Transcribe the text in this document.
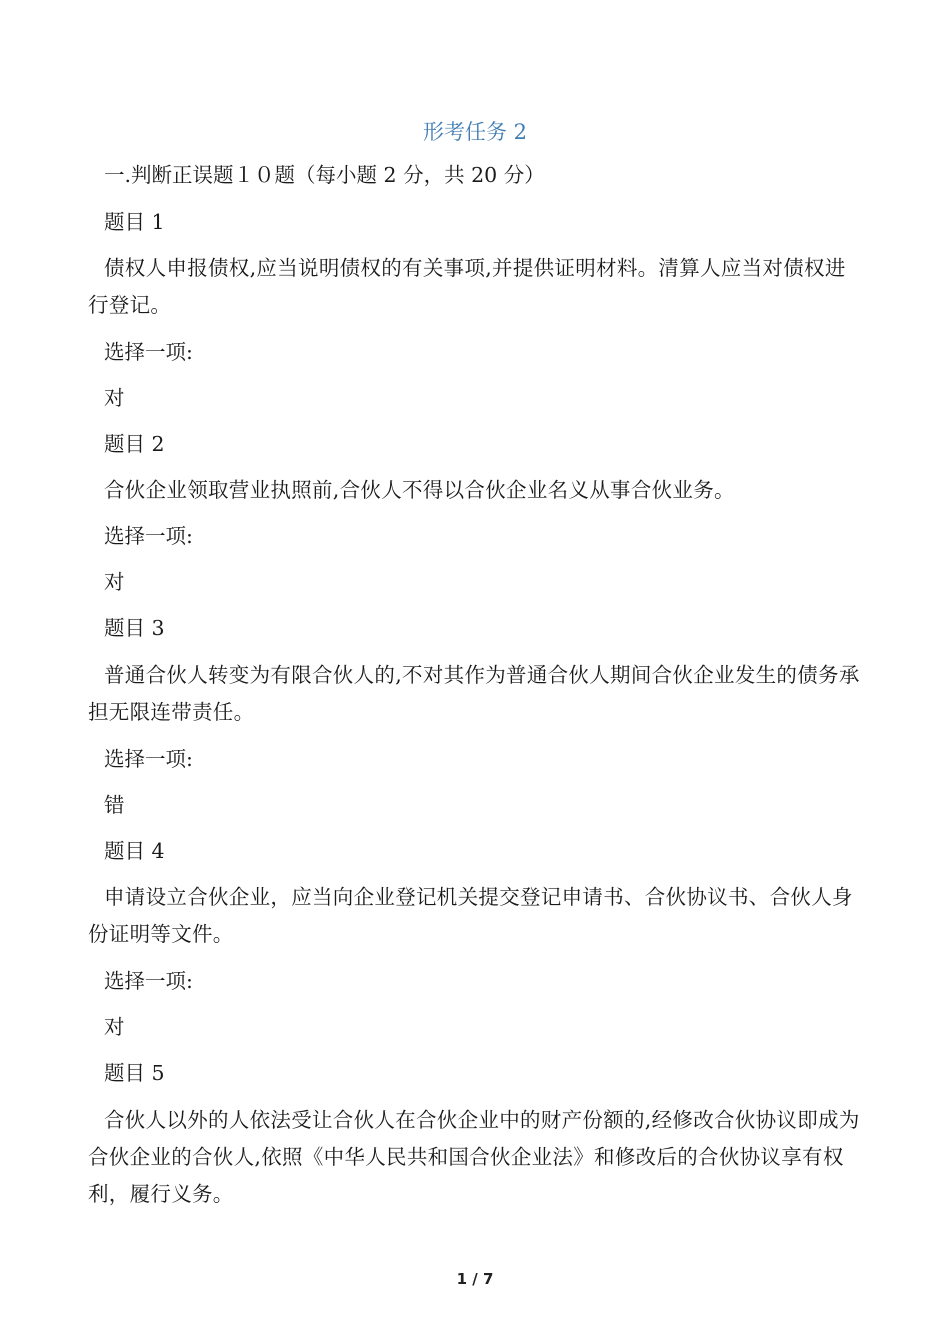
形考任务 2
一.判断正误题１０题（每小题 2 分，共 20 分）
题目 1
债权人申报债权,应当说明债权的有关事项,并提供证明材料。清算人应当对债权进行登记。
选择一项:
对
题目 2
合伙企业领取营业执照前,合伙人不得以合伙企业名义从事合伙业务。
选择一项:
对
题目 3
普通合伙人转变为有限合伙人的,不对其作为普通合伙人期间合伙企业发生的债务承担无限连带责任。
选择一项:
错
题目 4
申请设立合伙企业，应当向企业登记机关提交登记申请书、合伙协议书、合伙人身份证明等文件。
选择一项:
对
题目 5
合伙人以外的人依法受让合伙人在合伙企业中的财产份额的,经修改合伙协议即成为合伙企业的合伙人,依照《中华人民共和国合伙企业法》和修改后的合伙协议享有权利，履行义务。
1 / 7
